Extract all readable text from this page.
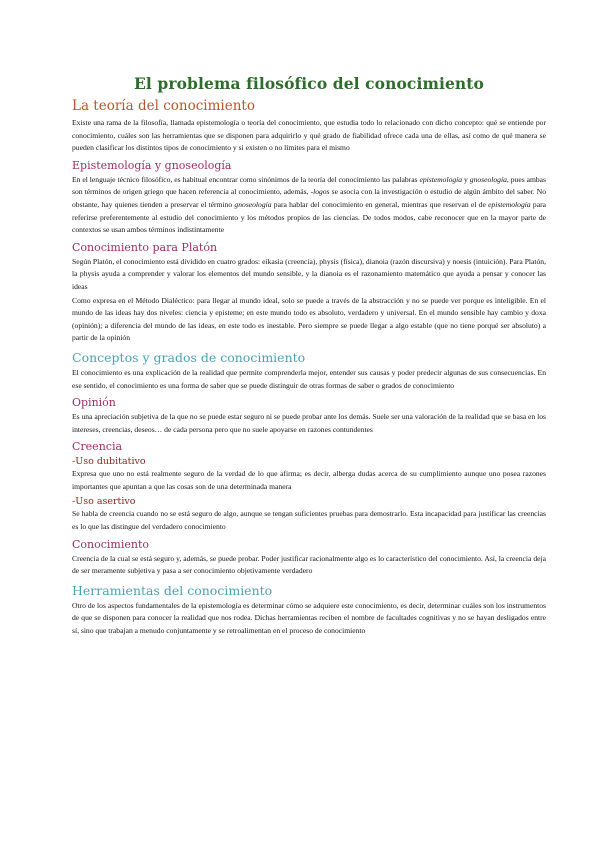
El problema filosófico del conocimiento
La teoría del conocimiento

Existe una rama de la filosofía, llamada epistemología o teoría del conocimiento, que estudia todo lo relacionado con dicho concepto: qué se entiende por conocimiento, cuáles son las herramientas que se disponen para adquirirlo y qué grado de fiabilidad ofrece cada una de ellas, así como de qué manera se pueden clasificar los distintos tipos de conocimiento y si existen o no límites para el mismo

Epistemología y gnoseología

En el lenguaje técnico filosófico, es habitual encontrar como sinónimos de la teoría del conocimiento las palabras epistemología y gnoseología, pues ambas son términos de origen griego que hacen referencia al conocimiento, además, -logos se asocia con la investigación o estudio de algún ámbito del saber. No obstante, hay quienes tienden a preservar el término gnoseología para hablar del conocimiento en general, mientras que reservan el de epistemología para referirse preferentemente al estudio del conocimiento y los métodos propios de las ciencias. De todos modos, cabe reconocer que en la mayor parte de contextos se usan ambos términos indistintamente

Conocimiento para Platón

Según Platón, el conocimiento está dividido en cuatro grados: eikasia (creencia), physis (física), dianoia (razón discursiva) y noesis (intuición). Para Platón, la physis ayuda a comprender y valorar los elementos del mundo sensible, y la dianoia es el razonamiento matemático que ayuda a pensar y conocer las ideas

Como expresa en el Método Dialéctico: para llegar al mundo ideal, solo se puede a través de la abstracción y no se puede ver porque es inteligible. En el mundo de las ideas hay dos niveles: ciencia y episteme; en este mundo todo es absoluto, verdadero y universal. En el mundo sensible hay cambio y doxa (opinión); a diferencia del mundo de las ideas, en este todo es inestable. Pero siempre se puede llegar a algo estable (que no tiene porqué ser absoluto) a partir de la opinión

Conceptos y grados de conocimiento

El conocimiento es una explicación de la realidad que permite comprenderla mejor, entender sus causas y poder predecir algunas de sus consecuencias. En ese sentido, el conocimiento es una forma de saber que se puede distinguir de otras formas de saber o grados de conocimiento

Opinión

Es una apreciación subjetiva de la que no se puede estar seguro ni se puede probar ante los demás. Suele ser una valoración de la realidad que se basa en los intereses, creencias, deseos… de cada persona pero que no suele apoyarse en razones contundentes

Creencia
-Uso dubitativo

Expresa que uno no está realmente seguro de la verdad de lo que afirma; es decir, alberga dudas acerca de su cumplimiento aunque uno posea razones importantes que apuntan a que las cosas son de una determinada manera

-Uso asertivo

Se habla de creencia cuando no se está seguro de algo, aunque se tengan suficientes pruebas para demostrarlo. Esta incapacidad para justificar las creencias es lo que las distingue del verdadero conocimiento

Conocimiento

Creencia de la cual se está seguro y, además, se puede probar. Poder justificar racionalmente algo es lo característico del conocimiento. Así, la creencia deja de ser meramente subjetiva y pasa a ser conocimiento objetivamente verdadero

Herramientas del conocimiento

Otro de los aspectos fundamentales de la epistemología es determinar cómo se adquiere este conocimiento, es decir, determinar cuáles son los instrumentos de que se disponen para conocer la realidad que nos rodea. Dichas herramientas reciben el nombre de facultades cognitivas y no se hayan desligados entre sí, sino que trabajan a menudo conjuntamente y se retroalimentan en el proceso de conocimiento
